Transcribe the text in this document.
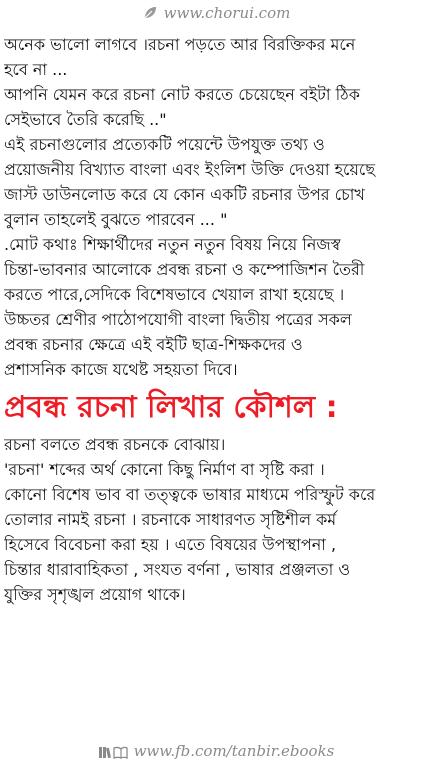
www.chorui.com
অনেক ভালো লাগবে ।রচনা পড়তে আর বিরক্তিকর মনে
হবে না ...
আপনি যেমন করে রচনা নোট করতে চেয়েছেন বইটা ঠিক
সেইভাবে তৈরি করেছি .."
এই রচনাগুলোর প্রত্যেকটি পয়েন্টে উপযুক্ত তথ্য ও
প্রয়োজনীয় বিখ্যাত বাংলা এবং ইংলিশ উক্তি দেওয়া হয়েছে
জাস্ট ডাউনলোড করে যে কোন একটি রচনার উপর চোখ
বুলান তাহলেই বুঝতে পারবেন ... "
.মোট কথাঃ শিক্ষার্থীদের নতুন নতুন বিষয় নিয়ে নিজস্ব
চিন্তা-ভাবনার আলোকে প্রবন্ধ রচনা ও কম্পোজিশন তৈরী
করতে পারে,সেদিকে বিশেষভাবে খেয়াল রাখা হয়েছে ।
উচ্চতর শ্রেণীর পাঠোপযোগী বাংলা দ্বিতীয় পত্রের সকল
প্রবন্ধ রচনার ক্ষেত্রে এই বইটি ছাত্র-শিক্ষকদের ও
প্রশাসনিক কাজে যথেষ্ট সহয়তা দিবে।
প্রবন্ধ রচনা লিখার কৌশল :
রচনা বলতে প্রবন্ধ রচনকে বোঝায়।
'রচনা' শব্দের অর্থ কোনো কিছু নির্মাণ বা সৃষ্টি করা ।
কোনো বিশেষ ভাব বা তত্ত্বকে ভাষার মাধ্যমে পরিস্ফুট করে
তোলার নামই রচনা । রচনাকে সাধারণত সৃষ্টিশীল কর্ম
হিসেবে বিবেচনা করা হয় । এতে বিষয়ের উপস্থাপনা ,
চিন্তার ধারাবাহিকতা , সংযত বর্ণনা , ভাষার প্রঞ্জলতা ও
যুক্তির সৃশৃঙ্খল প্রয়োগ থাকে।
www.fb.com/tanbir.ebooks
